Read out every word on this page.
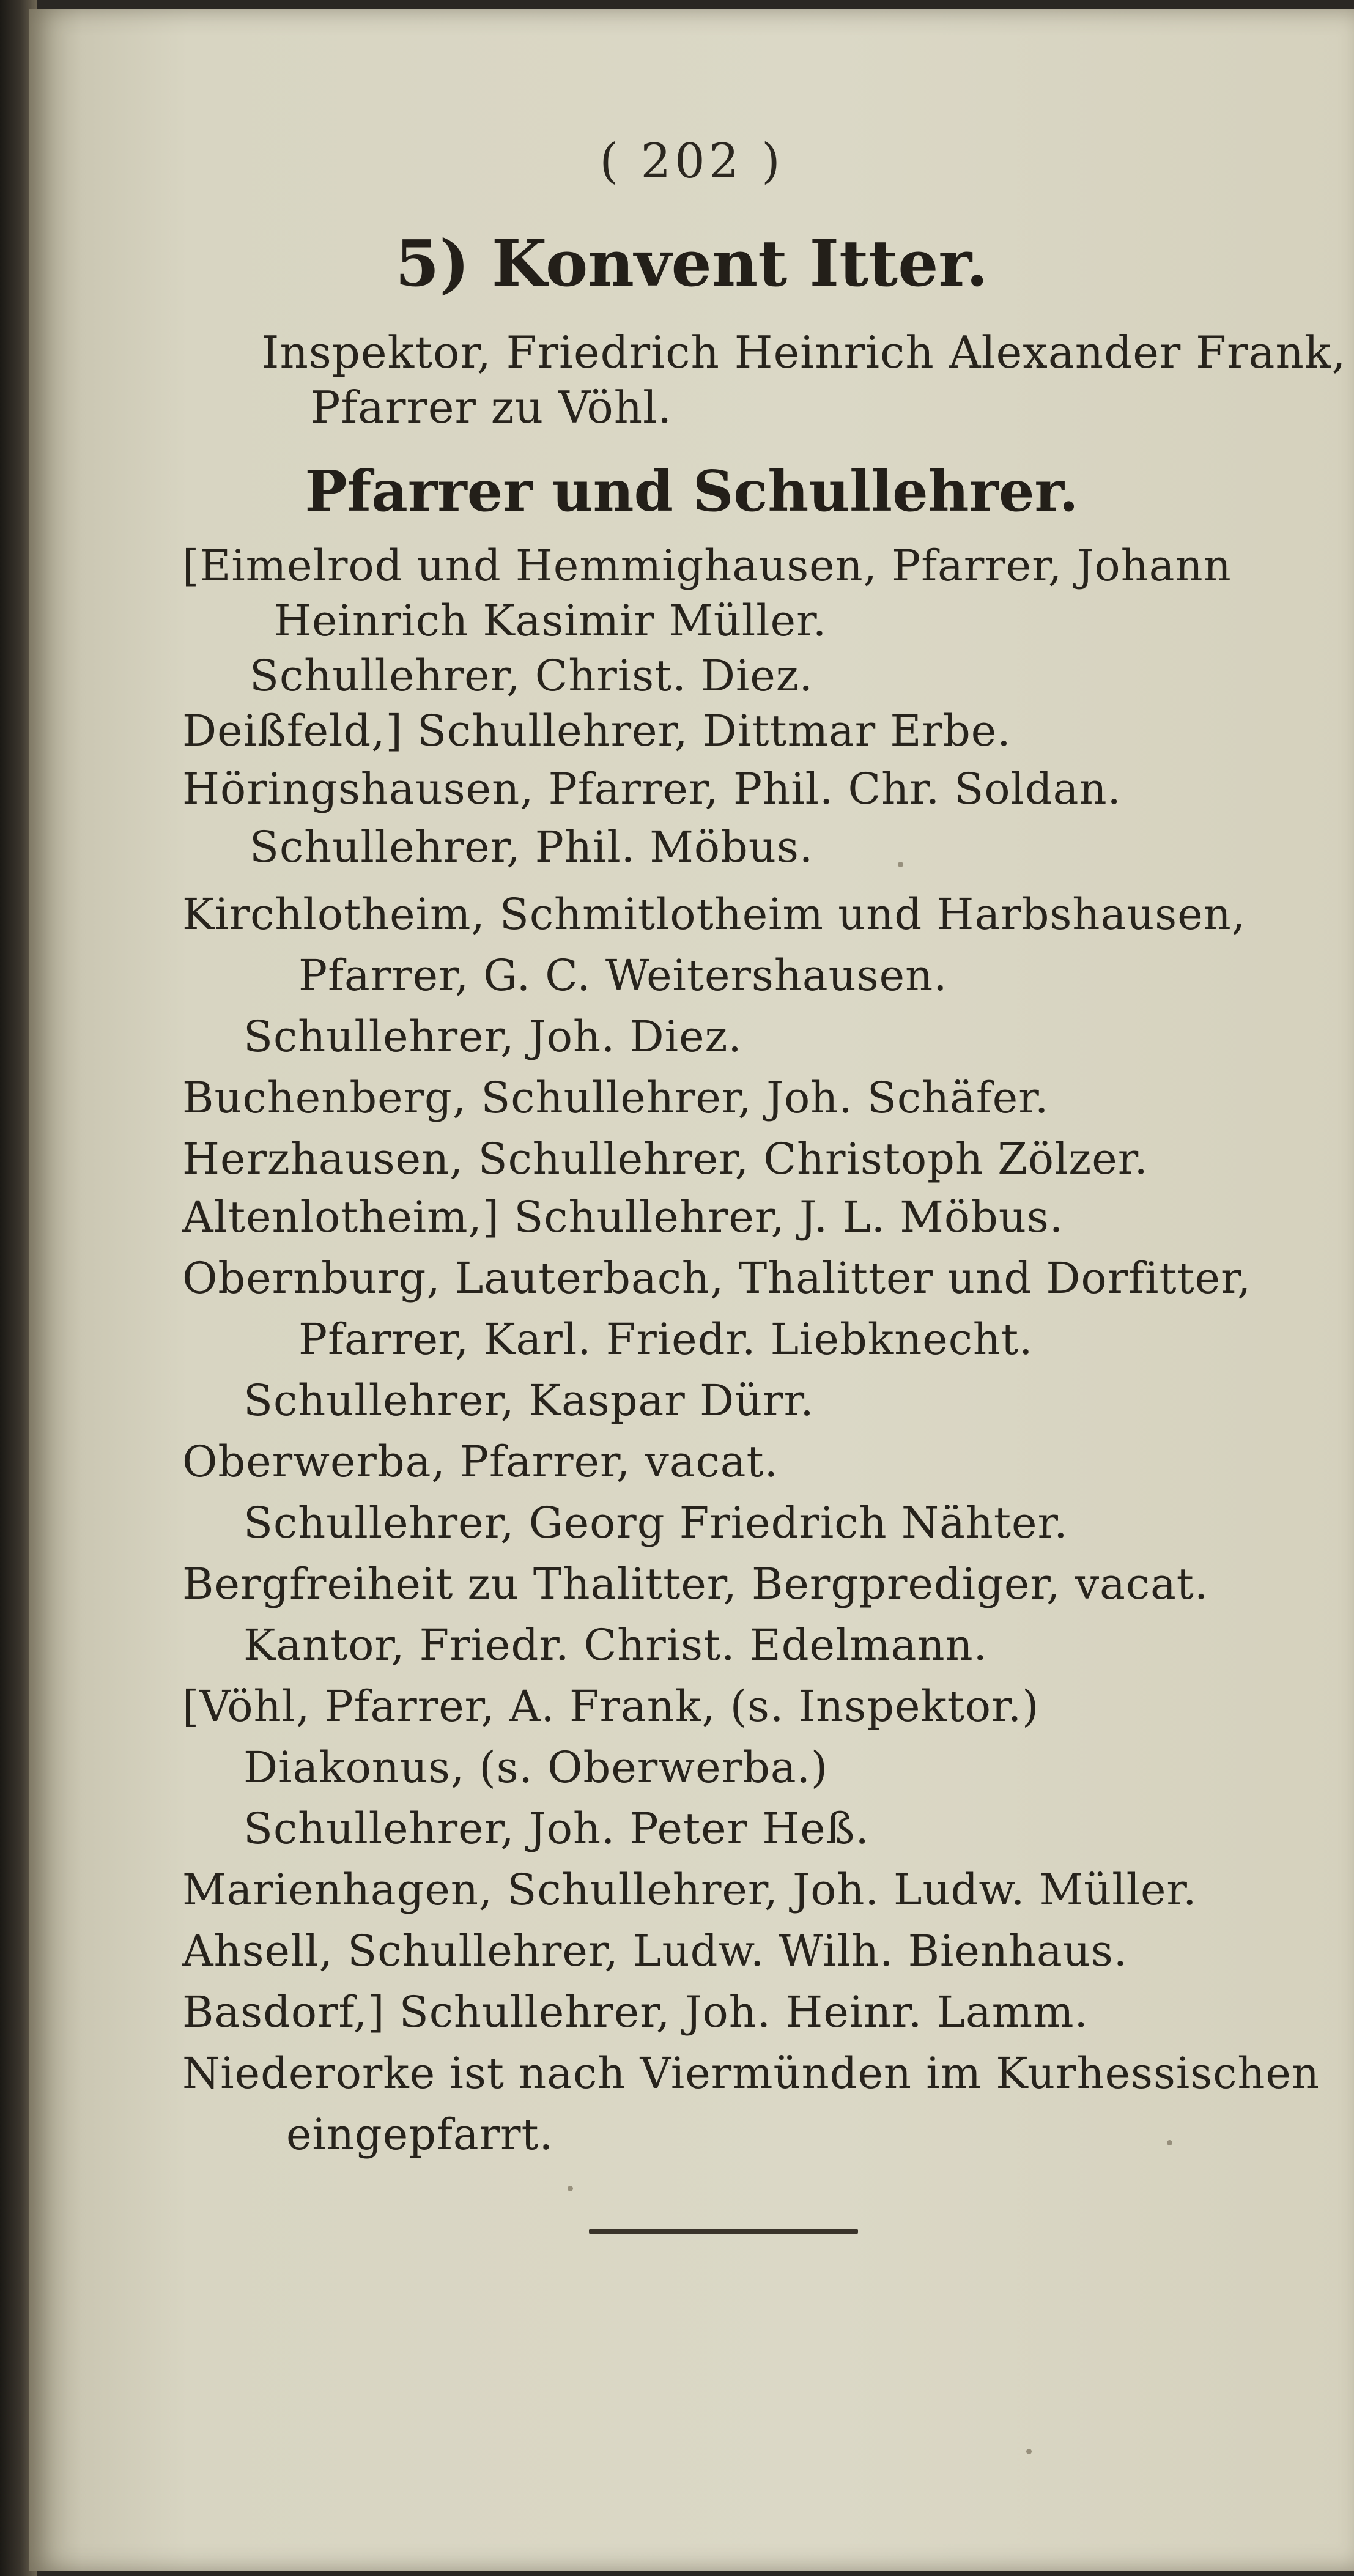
( 202 )
5) Konvent Itter.
Inspektor, Friedrich Heinrich Alexander Frank,
Pfarrer zu Vöhl.
Pfarrer und Schullehrer.
[Eimelrod und Hemmighausen, Pfarrer, Johann
Heinrich Kasimir Müller.
Schullehrer, Christ. Diez.
Deißfeld,] Schullehrer, Dittmar Erbe.
Höringshausen, Pfarrer, Phil. Chr. Soldan.
Schullehrer, Phil. Möbus.
Kirchlotheim, Schmitlotheim und Harbshausen,
Pfarrer, G. C. Weitershausen.
Schullehrer, Joh. Diez.
Buchenberg, Schullehrer, Joh. Schäfer.
Herzhausen, Schullehrer, Christoph Zölzer.
Altenlotheim,] Schullehrer, J. L. Möbus.
Obernburg, Lauterbach, Thalitter und Dorfitter,
Pfarrer, Karl. Friedr. Liebknecht.
Schullehrer, Kaspar Dürr.
Oberwerba, Pfarrer, vacat.
Schullehrer, Georg Friedrich Nähter.
Bergfreiheit zu Thalitter, Bergprediger, vacat.
Kantor, Friedr. Christ. Edelmann.
[Vöhl, Pfarrer, A. Frank, (s. Inspektor.)
Diakonus, (s. Oberwerba.)
Schullehrer, Joh. Peter Heß.
Marienhagen, Schullehrer, Joh. Ludw. Müller.
Ahsell, Schullehrer, Ludw. Wilh. Bienhaus.
Basdorf,] Schullehrer, Joh. Heinr. Lamm.
Niederorke ist nach Viermünden im Kurhessischen
eingepfarrt.
